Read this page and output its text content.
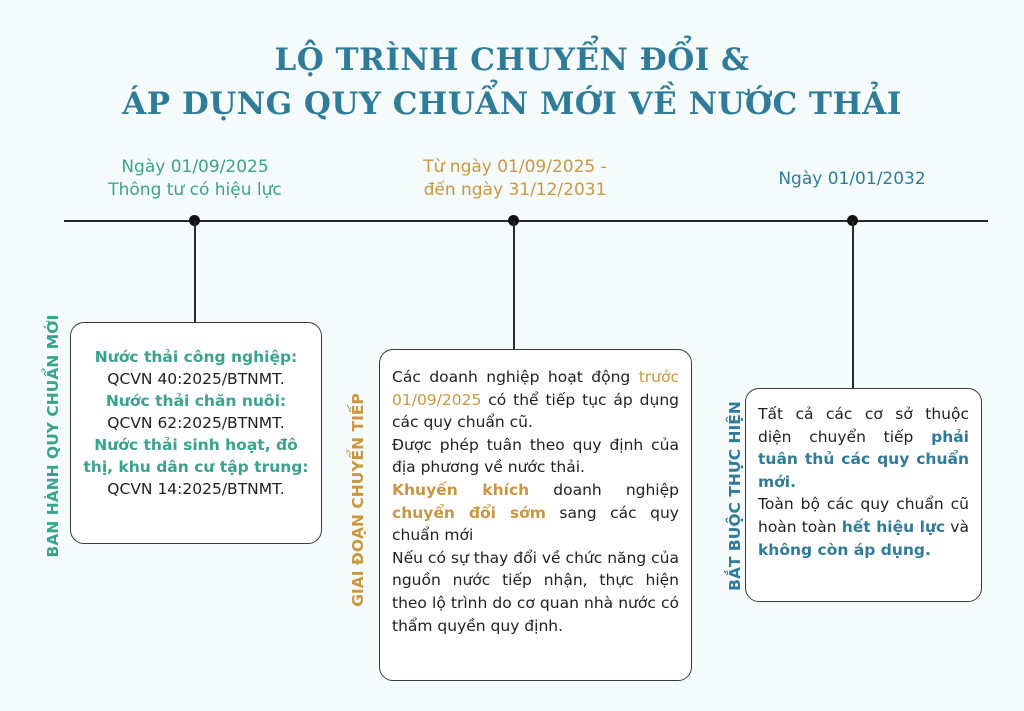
LỘ TRÌNH CHUYỂN ĐỔI &
ÁP DỤNG QUY CHUẨN MỚI VỀ NƯỚC THẢI
Ngày 01/09/2025
Thông tư có hiệu lực
Từ ngày 01/09/2025 -
đến ngày 31/12/2031
Ngày 01/01/2032
BAN HÀNH QUY CHUẨN MỚI	GIAI ĐOẠN CHUYỂN TIẾP	BẮT BUỘC THỰC HIỆN

Nước thải công nghiệp:

QCVN 40:2025/BTNMT.

Nước thải chăn nuôi:

QCVN 62:2025/BTNMT.

Nước thải sinh hoạt, đô thị, khu dân cư tập trung:

QCVN 14:2025/BTNMT.

Các doanh nghiệp hoạt động trước 01/09/2025 có thể tiếp tục áp dụng các quy chuẩn cũ.

Được phép tuân theo quy định của địa phương về nước thải.

Khuyến khích doanh nghiệp chuyển đổi sớm sang các quy chuẩn mới

Nếu có sự thay đổi về chức năng của nguồn nước tiếp nhận, thực hiện theo lộ trình do cơ quan nhà nước có thẩm quyền quy định.

Tất cả các cơ sở thuộc diện chuyển tiếp phải tuân thủ các quy chuẩn mới.

Toàn bộ các quy chuẩn cũ hoàn toàn hết hiệu lực và không còn áp dụng.
